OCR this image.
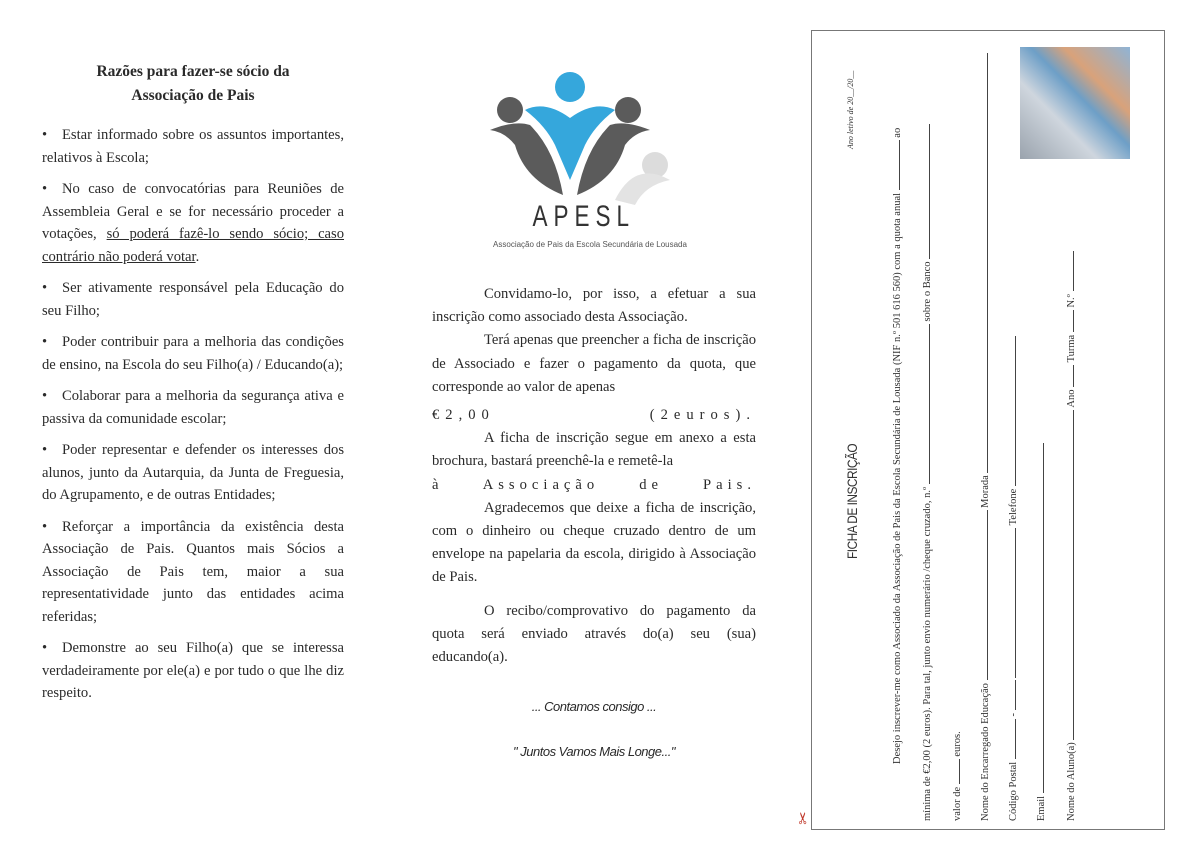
Razões para fazer-se sócio da
Associação de Pais

• Estar informado sobre os assuntos importantes, relativos à Escola;

• No caso de convocatórias para Reuniões de Assembleia Geral e se for necessário proceder a votações, só poderá fazê-lo sendo sócio; caso contrário não poderá votar.

• Ser ativamente responsável pela Educação do seu Filho;

• Poder contribuir para a melhoria das condições de ensino, na Escola do seu Filho(a) / Educando(a);

• Colaborar para a melhoria da segurança ativa e passiva da comunidade escolar;

• Poder representar e defender os interesses dos alunos, junto da Autarquia, da Junta de Freguesia, do Agrupamento, e de outras Entidades;

• Reforçar a importância da existência desta Associação de Pais. Quantos mais Sócios a Associação de Pais tem, maior a sua representatividade junto das entidades acima referidas;

• Demonstre ao seu Filho(a) que se interessa verdadeiramente por ele(a) e por tudo o que lhe diz respeito.

APESL
Associação de Pais da Escola Secundária de Lousada

Convidamo-lo, por isso, a efetuar a sua inscrição como associado desta Associação.

Terá apenas que preencher a ficha de inscrição de Associado e fazer o pagamento da quota, que corresponde ao valor de apenas

€2,00 (2euros).

A ficha de inscrição segue em anexo a esta brochura, bastará preenchê-la e remetê-la

à Associação de Pais.

Agradecemos que deixe a ficha de inscrição, com o dinheiro ou cheque cruzado dentro de um envelope na papelaria da escola, dirigido à Associação de Pais.

O recibo/comprovativo do pagamento da quota será enviado através do(a) seu (sua) educando(a).

... Contamos consigo ...

" Juntos Vamos Mais Longe..."

FICHA DE INSCRIÇÃO
Ano letivo de 20__/20__
Desejo inscrever-me como Associado da Associação de Pais da Escola Secundária de Lousada (NIF n.º 501 616 560) com a quota anual  ao
mínima de €2,00 (2 euros). Para tal, junto envio numerário /cheque cruzado, n.º  sobre o Banco
valor de  euros. Nome do Encarregado Educação  Morada
Código Postal  -   Telefone
Email Nome do Aluno(a)  Ano  Turma  N.º
✂
